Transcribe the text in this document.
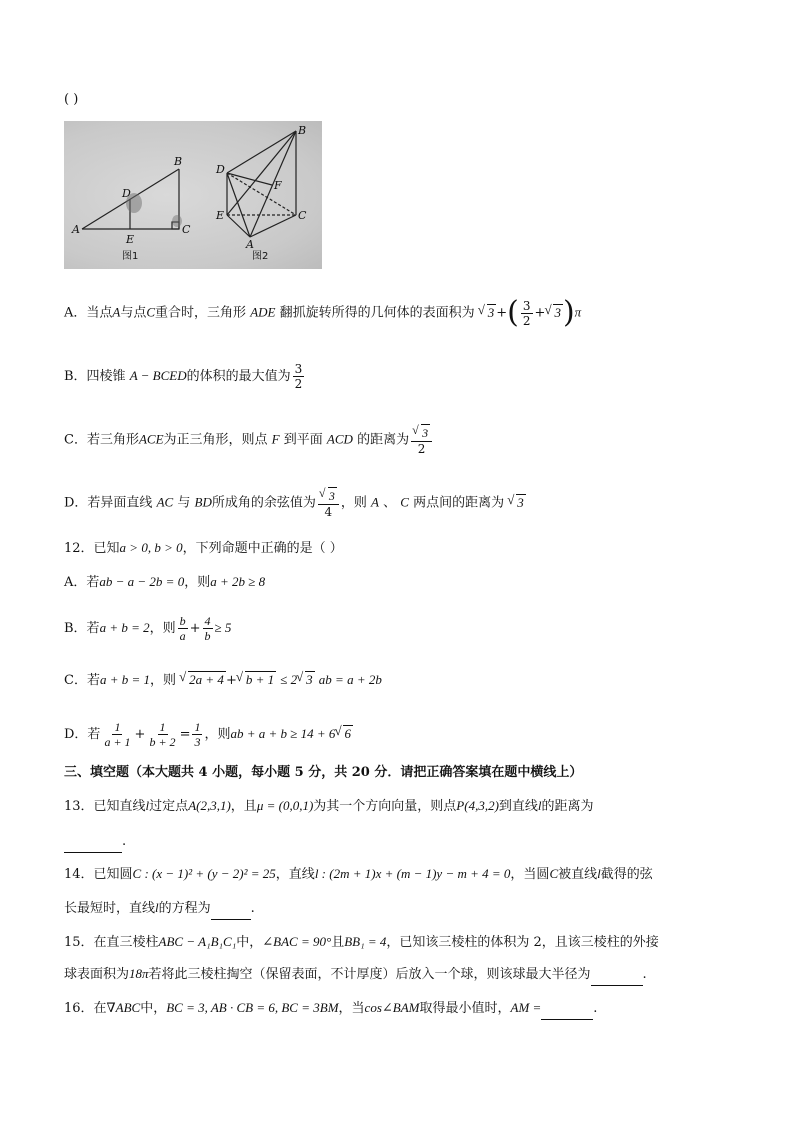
( )
A
B
C
D
E	A
B
C
D
E
F
图1	图2
A．当点A与点C重合时，三角形 ADE 翻抓旋转所得的几何体的表面积为 √ 3 +( $\frac{3}{2}$ + √ 3)π
B．四棱锥 A − BCED的体积的最大值为 $\frac{3}{2}$
C．若三角形ACE为正三角形，则点 F 到平面 ACD 的距离为 √ $\frac{3}{2}$
D．若异面直线 AC 与 BD所成角的余弦值为 √ $\frac{3}{4}$ ，则 A 、 C 两点间的距离为 √ 3
12．已知a > 0, b > 0，下列命题中正确的是（ ）
A．若ab − a − 2b = 0，则a + 2b ≥ 8
B．若a + b = 2，则 $\frac{b}{a} + \frac{4}{b} \ge 5$
C．若a + b = 1，则 √ 2a + 4 + √ b + 1 ≤ 2 √ 3 ab = a + 2b
D．若 $\frac{1}{a + 1} + \frac{1}{b + 2} = \frac{1}{3}$ ，则ab + a + b ≥ 14 + 6 √ 6
三、填空题（本大题共 4 小题，每小题 5 分，共 20 分．请把正确答案填在题中横线上）
13．已知直线l过定点A(2,3,1)，且μ = (0,0,1)为其一个方向向量，则点P(4,3,2)到直线l的距离为
.
14．已知圆C : (x − 1)² + (y − 2)² = 25，直线l : (2m + 1)x + (m − 1)y − m + 4 = 0，当圆C被直线l截得的弦
长最短时，直线l的方程为	.
15．在直三棱柱ABC − A₁B₁C₁中，∠BAC = 90°且BB₁ = 4，已知该三棱柱的体积为 2，且该三棱柱的外接
球表面积为18π若将此三棱柱掏空（保留表面，不计厚度）后放入一个球，则该球最大半径为	.
16．在∇ABC中，BC = 3, AB · CB = 6, BC = 3BM，当cos∠BAM取得最小值时，AM =	.
